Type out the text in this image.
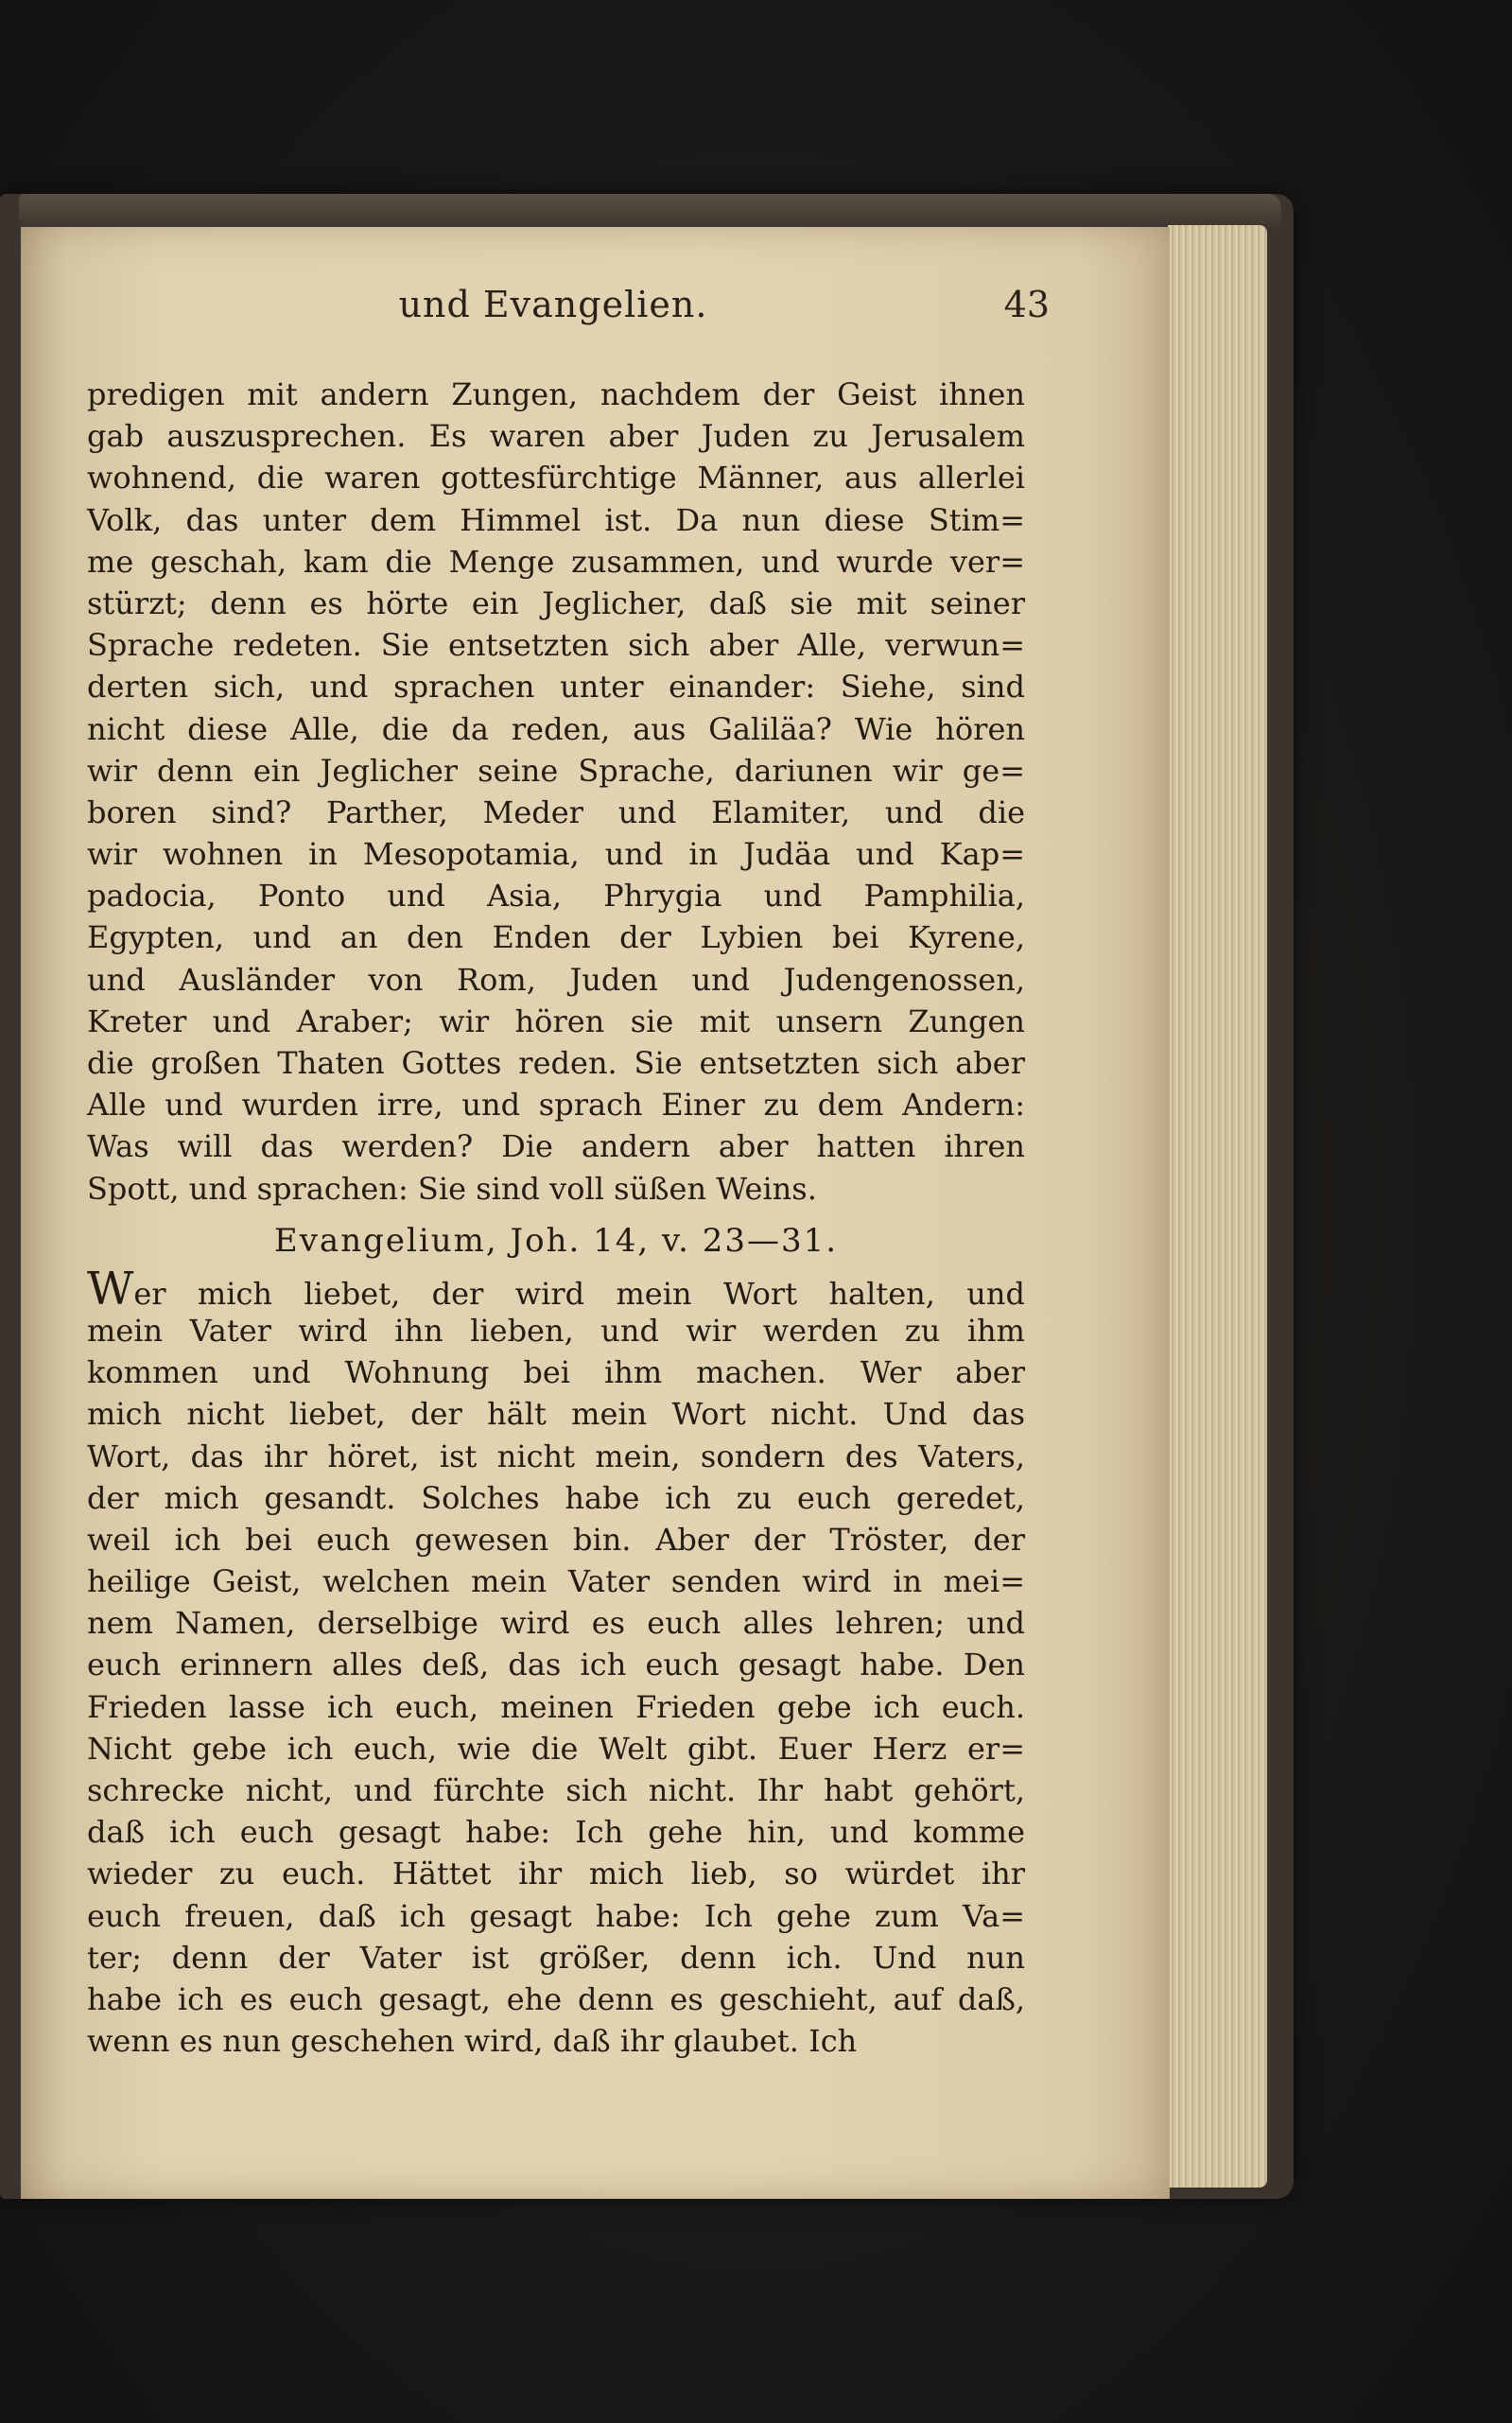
und Evangelien.	43
predigen mit andern Zungen, nachdem der Geist ihnen
gab auszusprechen. Es waren aber Juden zu Jerusalem
wohnend, die waren gottesfürchtige Männer, aus allerlei
Volk, das unter dem Himmel ist. Da nun diese Stim=
me geschah, kam die Menge zusammen, und wurde ver=
stürzt; denn es hörte ein Jeglicher, daß sie mit seiner
Sprache redeten. Sie entsetzten sich aber Alle, verwun=
derten sich, und sprachen unter einander: Siehe, sind
nicht diese Alle, die da reden, aus Galiläa? Wie hören
wir denn ein Jeglicher seine Sprache, dariunen wir ge=
boren sind? Parther, Meder und Elamiter, und die
wir wohnen in Mesopotamia, und in Judäa und Kap=
padocia, Ponto und Asia, Phrygia und Pamphilia,
Egypten, und an den Enden der Lybien bei Kyrene,
und Ausländer von Rom, Juden und Judengenossen,
Kreter und Araber; wir hören sie mit unsern Zungen
die großen Thaten Gottes reden. Sie entsetzten sich aber
Alle und wurden irre, und sprach Einer zu dem Andern:
Was will das werden? Die andern aber hatten ihren
Spott, und sprachen: Sie sind voll süßen Weins.
Evangelium, Joh. 14, v. 23—31.
Wer mich liebet, der wird mein Wort halten, und
mein Vater wird ihn lieben, und wir werden zu ihm
kommen und Wohnung bei ihm machen. Wer aber
mich nicht liebet, der hält mein Wort nicht. Und das
Wort, das ihr höret, ist nicht mein, sondern des Vaters,
der mich gesandt. Solches habe ich zu euch geredet,
weil ich bei euch gewesen bin. Aber der Tröster, der
heilige Geist, welchen mein Vater senden wird in mei=
nem Namen, derselbige wird es euch alles lehren; und
euch erinnern alles deß, das ich euch gesagt habe. Den
Frieden lasse ich euch, meinen Frieden gebe ich euch.
Nicht gebe ich euch, wie die Welt gibt. Euer Herz er=
schrecke nicht, und fürchte sich nicht. Ihr habt gehört,
daß ich euch gesagt habe: Ich gehe hin, und komme
wieder zu euch. Hättet ihr mich lieb, so würdet ihr
euch freuen, daß ich gesagt habe: Ich gehe zum Va=
ter; denn der Vater ist größer, denn ich. Und nun
habe ich es euch gesagt, ehe denn es geschieht, auf daß,
wenn es nun geschehen wird, daß ihr glaubet. Ich
